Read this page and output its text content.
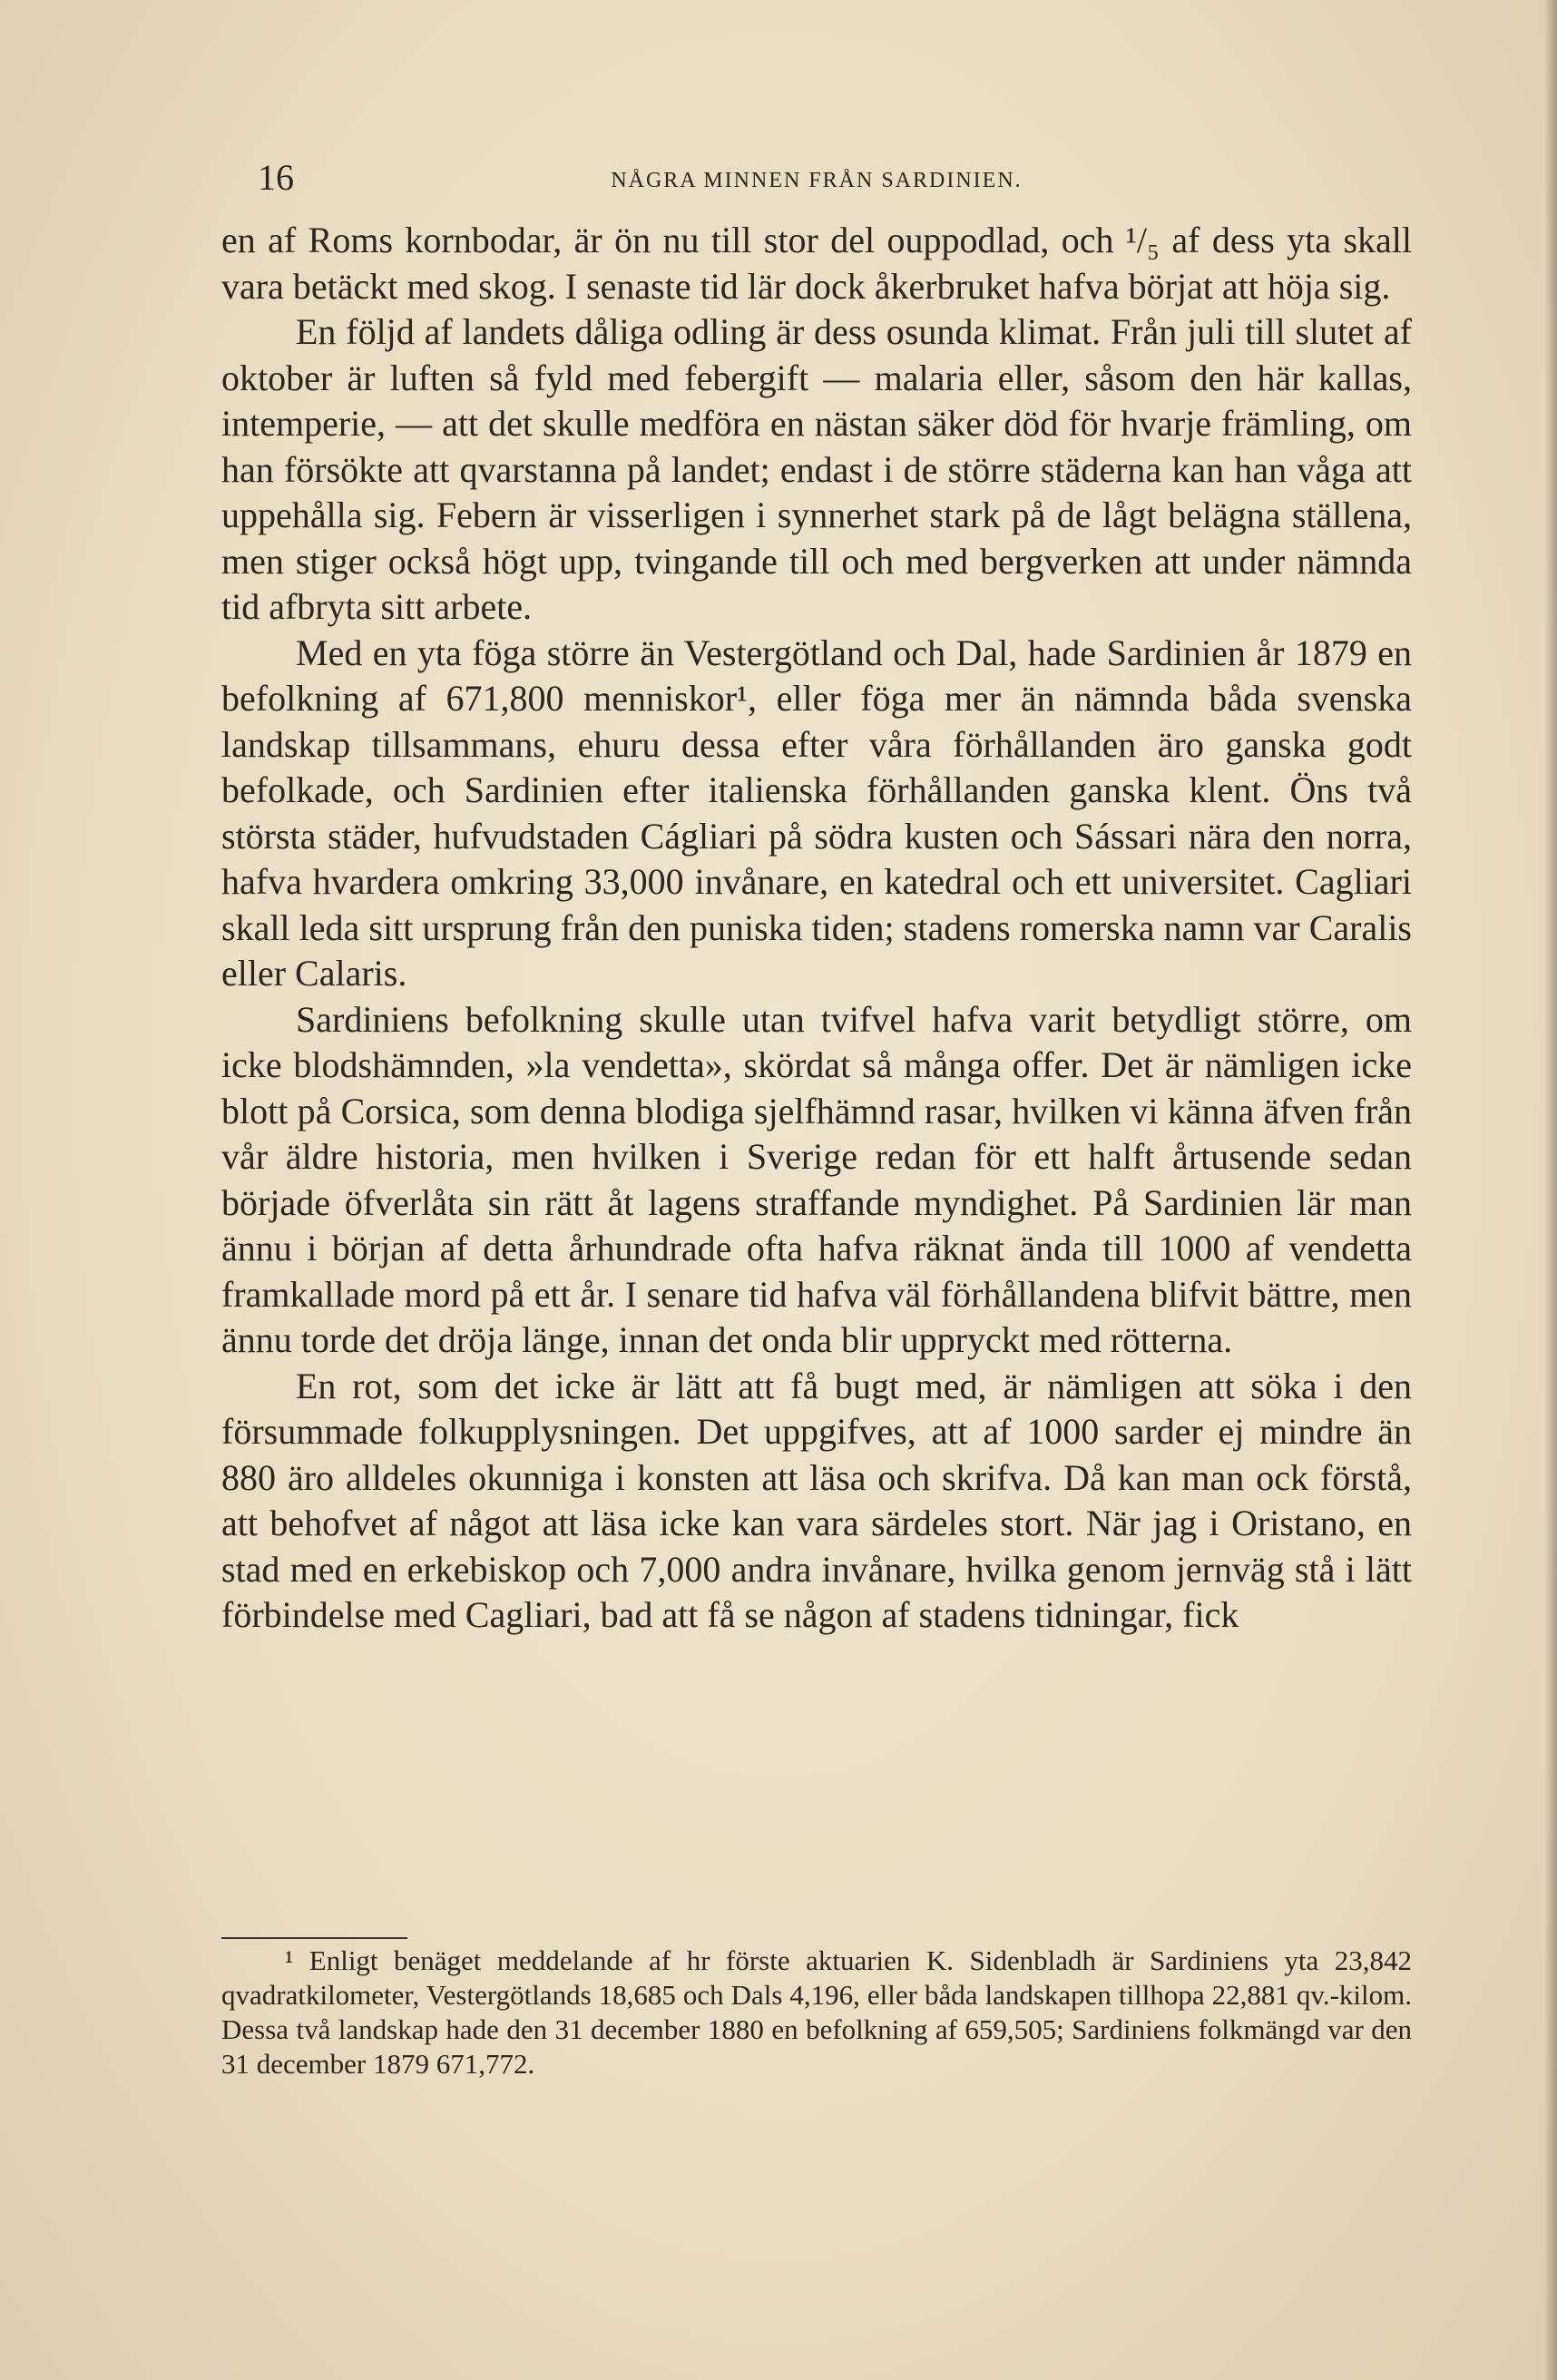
16	NÅGRA MINNEN FRÅN SARDINIEN.

en af Roms kornbodar, är ön nu till stor del ouppodlad, och ¹/₅ af dess yta skall vara betäckt med skog. I senaste tid lär dock åkerbruket hafva börjat att höja sig.

En följd af landets dåliga odling är dess osunda klimat. Från juli till slutet af oktober är luften så fyld med febergift — malaria eller, såsom den här kallas, intemperie, — att det skulle medföra en nästan säker död för hvarje främling, om han försökte att qvarstanna på landet; endast i de större städerna kan han våga att uppehålla sig. Febern är visserligen i synnerhet stark på de lågt belägna ställena, men stiger också högt upp, tvingande till och med bergverken att under nämnda tid afbryta sitt arbete.

Med en yta föga större än Vestergötland och Dal, hade Sardinien år 1879 en befolkning af 671,800 menniskor¹, eller föga mer än nämnda båda svenska landskap tillsammans, ehuru dessa efter våra förhållanden äro ganska godt befolkade, och Sardinien efter italienska förhållanden ganska klent. Öns två största städer, hufvudstaden Cágliari på södra kusten och Sássari nära den norra, hafva hvardera omkring 33,000 invånare, en katedral och ett universitet. Cagliari skall leda sitt ursprung från den puniska tiden; stadens romerska namn var Caralis eller Calaris.

Sardiniens befolkning skulle utan tvifvel hafva varit betydligt större, om icke blodshämnden, »la vendetta», skördat så många offer. Det är nämligen icke blott på Corsica, som denna blodiga sjelfhämnd rasar, hvilken vi känna äfven från vår äldre historia, men hvilken i Sverige redan för ett halft årtusende sedan började öfverlåta sin rätt åt lagens straffande myndighet. På Sardinien lär man ännu i början af detta århundrade ofta hafva räknat ända till 1000 af vendetta framkallade mord på ett år. I senare tid hafva väl förhållandena blifvit bättre, men ännu torde det dröja länge, innan det onda blir uppryckt med rötterna.

En rot, som det icke är lätt att få bugt med, är nämligen att söka i den försummade folkupplysningen. Det uppgifves, att af 1000 sarder ej mindre än 880 äro alldeles okunniga i konsten att läsa och skrifva. Då kan man ock förstå, att behofvet af något att läsa icke kan vara särdeles stort. När jag i Oristano, en stad med en erkebiskop och 7,000 andra invånare, hvilka genom jernväg stå i lätt förbindelse med Cagliari, bad att få se någon af stadens tidningar, fick

¹ Enligt benäget meddelande af hr förste aktuarien K. Sidenbladh är Sardiniens yta 23,842 qvadratkilometer, Vestergötlands 18,685 och Dals 4,196, eller båda landskapen tillhopa 22,881 qv.-kilom. Dessa två landskap hade den 31 december 1880 en befolkning af 659,505; Sardiniens folkmängd var den 31 december 1879 671,772.
